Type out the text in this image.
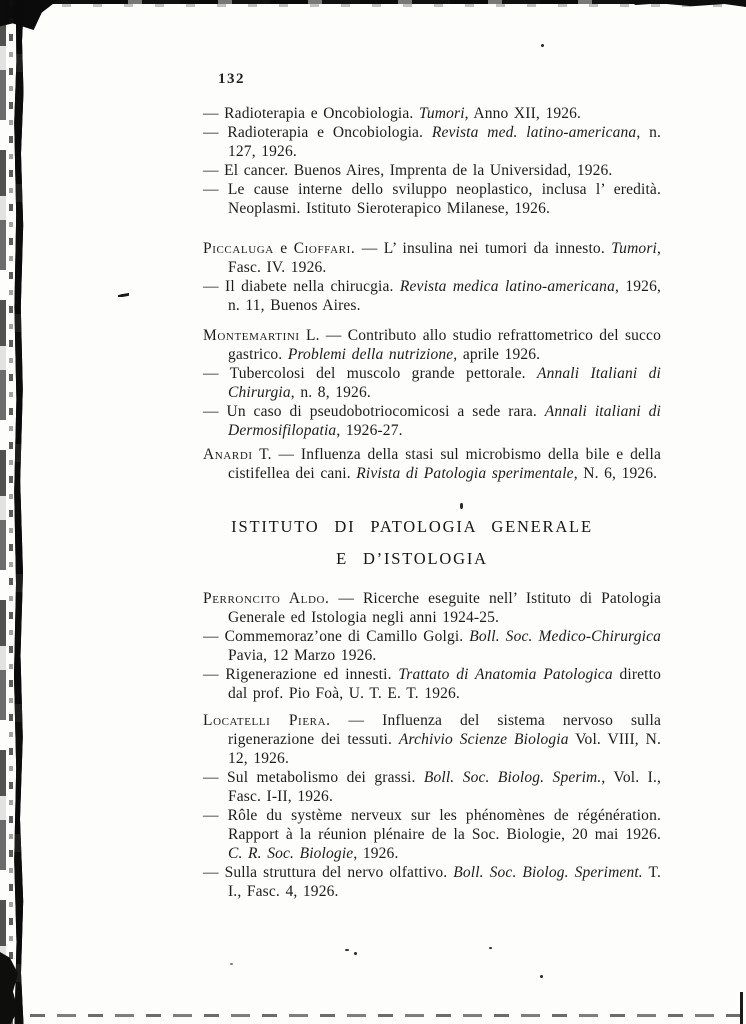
132

— Radioterapia e Oncobiologia. Tumori, Anno XII, 1926.

— Radioterapia e Oncobiologia. Revista med. latino-americana, n. 127, 1926.

— El cancer. Buenos Aires, Imprenta de la Universidad, 1926.

— Le cause interne dello sviluppo neoplastico, inclusa l’ eredità. Neoplasmi. Istituto Sieroterapico Milanese, 1926.

Piccaluga e Cioffari. — L’ insulina nei tumori da innesto. Tumori, Fasc. IV. 1926.

— Il diabete nella chirucgia. Revista medica latino-americana, 1926, n. 11, Buenos Aires.

Montemartini L. — Contributo allo studio refrattometrico del succo gastrico. Problemi della nutrizione, aprile 1926.

— Tubercolosi del muscolo grande pettorale. Annali Italiani di Chirurgia, n. 8, 1926.

— Un caso di pseudobotriocomicosi a sede rara. Annali italiani di Dermosifilopatia, 1926-27.

Anardi T. — Influenza della stasi sul microbismo della bile e della cistifellea dei cani. Rivista di Patologia sperimentale, N. 6, 1926.

Perroncito Aldo. — Ricerche eseguite nell’ Istituto di Patologia Generale ed Istologia negli anni 1924-25.

— Commemoraz’one di Camillo Golgi. Boll. Soc. Medico-Chirurgica Pavia, 12 Marzo 1926.

— Rigenerazione ed innesti. Trattato di Anatomia Patologica diretto dal prof. Pio Foà, U. T. E. T. 1926.

Locatelli Piera. — Influenza del sistema nervoso sulla rigenerazione dei tessuti. Archivio Scienze Biologia Vol. VIII, N. 12, 1926.

— Sul metabolismo dei grassi. Boll. Soc. Biolog. Sperim., Vol. I., Fasc. I-II, 1926.

— Rôle du système nerveux sur les phénomènes de régénération. Rapport à la réunion plénaire de la Soc. Biologie, 20 mai 1926. C. R. Soc. Biologie, 1926.

— Sulla struttura del nervo olfattivo. Boll. Soc. Biolog. Speriment. T. I., Fasc. 4, 1926.

ISTITUTO DI PATOLOGIA GENERALE
E D’ISTOLOGIA
